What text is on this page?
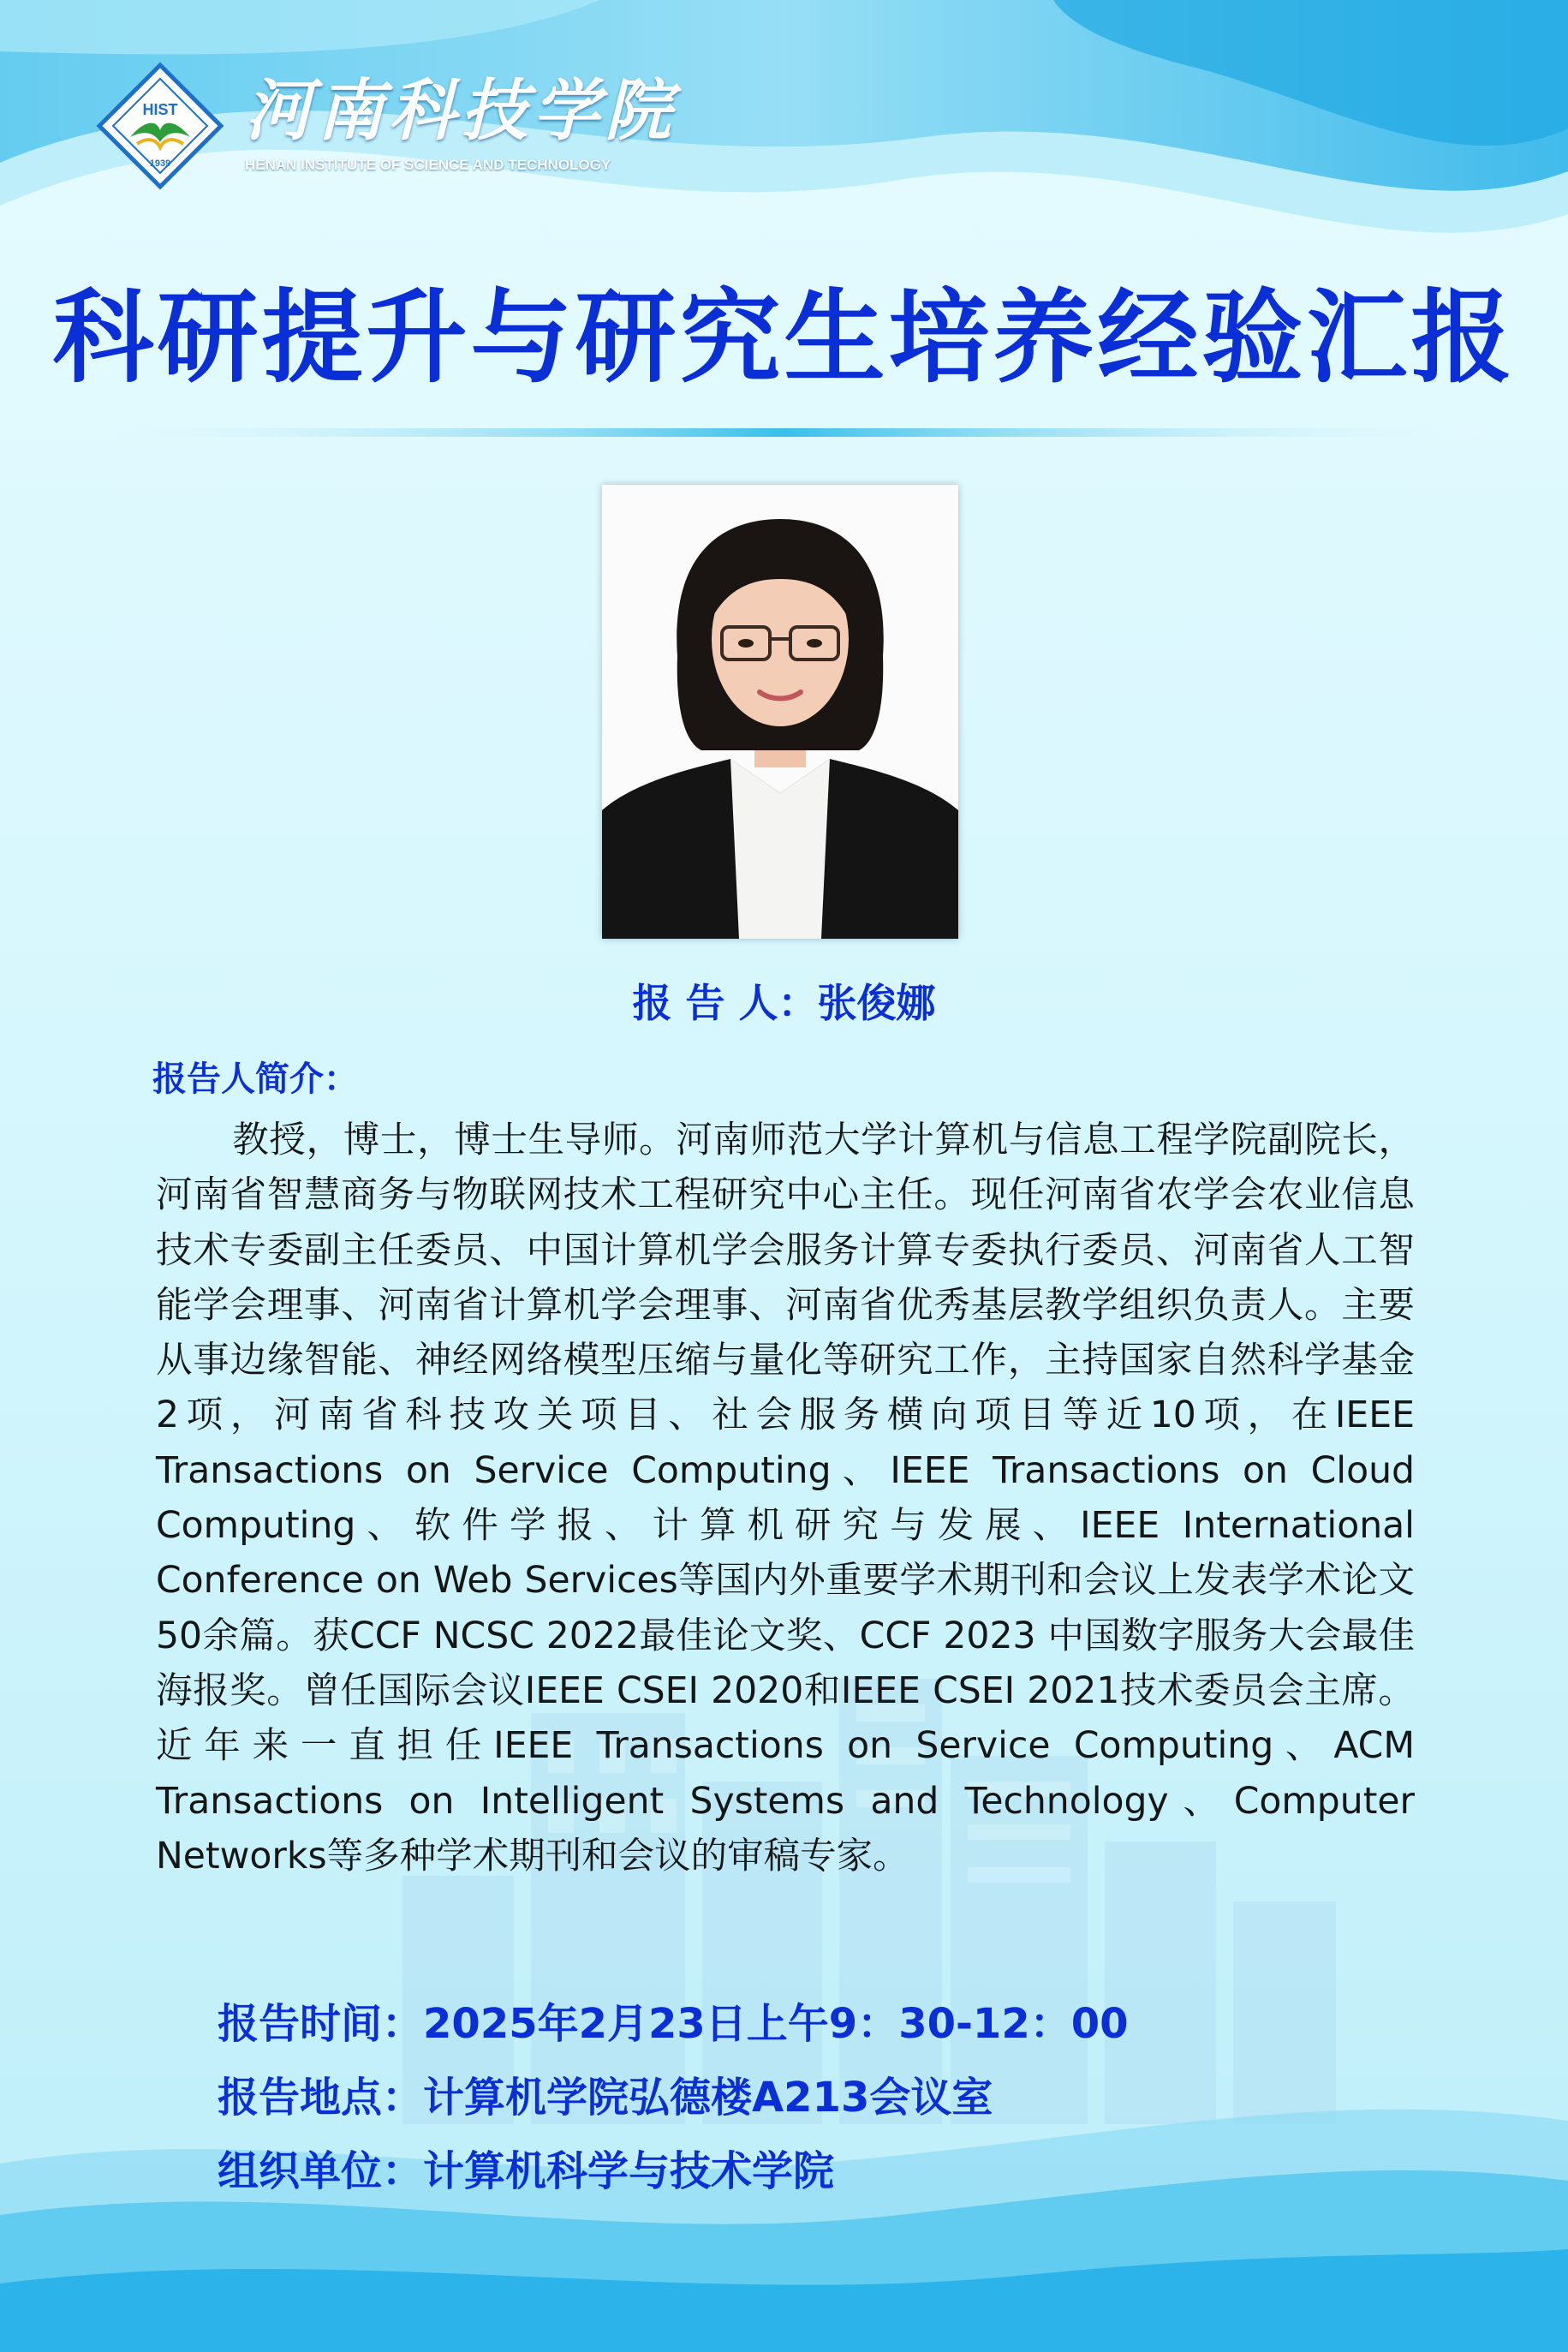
HIST
1939
河南科技学院
HENAN INSTITUTE OF SCIENCE AND TECHNOLOGY
科研提升与研究生培养经验汇报
报 告 人：张俊娜
报告人简介：
教授，博士，博士生导师。河南师范大学计算机与信息工程学院副院长，河南省智慧商务与物联网技术工程研究中心主任。现任河南省农学会农业信息技术专委副主任委员、中国计算机学会服务计算专委执行委员、河南省人工智能学会理事、河南省计算机学会理事、河南省优秀基层教学组织负责人。主要从事边缘智能、神经网络模型压缩与量化等研究工作，主持国家自然科学基金2项，河南省科技攻关项目、社会服务横向项目等近10项，在IEEE Transactions on Service Computing、IEEE Transactions on Cloud Computing、软件学报、计算机研究与发展、IEEE International Conference on Web Services等国内外重要学术期刊和会议上发表学术论文50余篇。获CCF NCSC 2022最佳论文奖、CCF 2023 中国数字服务大会最佳海报奖。曾任国际会议IEEE CSEI 2020和IEEE CSEI 2021技术委员会主席。近年来一直担任IEEE Transactions on Service Computing、ACM Transactions on Intelligent Systems and Technology、Computer Networks等多种学术期刊和会议的审稿专家。
报告时间：2025年2月23日上午9：30-12：00
报告地点：计算机学院弘德楼A213会议室
组织单位：计算机科学与技术学院
